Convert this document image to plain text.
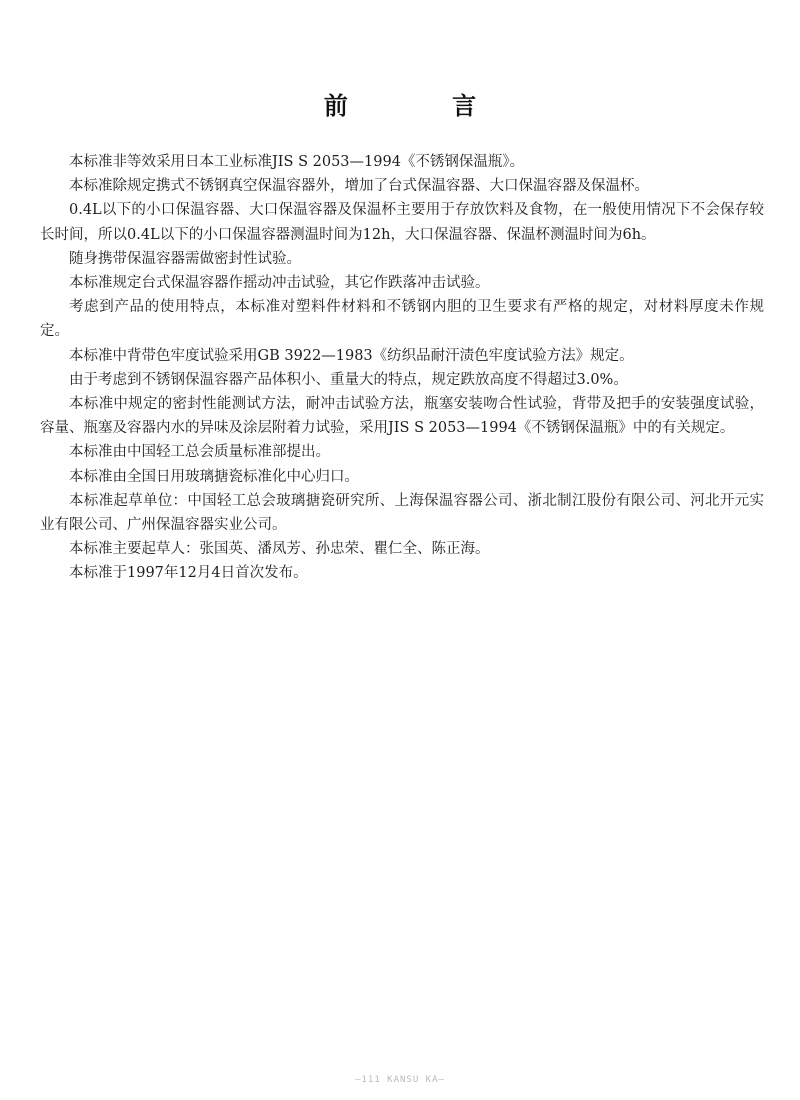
前 言

本标准非等效采用日本工业标准JIS S 2053—1994《不锈钢保温瓶》。

本标准除规定携式不锈钢真空保温容器外，增加了台式保温容器、大口保温容器及保温杯。

0.4L以下的小口保温容器、大口保温容器及保温杯主要用于存放饮料及食物，在一般使用情况下不会保存较长时间，所以0.4L以下的小口保温容器测温时间为12h，大口保温容器、保温杯测温时间为6h。

随身携带保温容器需做密封性试验。

本标准规定台式保温容器作摇动冲击试验，其它作跌落冲击试验。

考虑到产品的使用特点，本标准对塑料件材料和不锈钢内胆的卫生要求有严格的规定，对材料厚度未作规定。

本标准中背带色牢度试验采用GB 3922—1983《纺织品耐汗渍色牢度试验方法》规定。

由于考虑到不锈钢保温容器产品体积小、重量大的特点，规定跌放高度不得超过3.0%。

本标准中规定的密封性能测试方法，耐冲击试验方法，瓶塞安装吻合性试验，背带及把手的安装强度试验，容量、瓶塞及容器内水的异味及涂层附着力试验，采用JIS S 2053—1994《不锈钢保温瓶》中的有关规定。

本标准由中国轻工总会质量标准部提出。

本标准由全国日用玻璃搪瓷标准化中心归口。

本标准起草单位：中国轻工总会玻璃搪瓷研究所、上海保温容器公司、浙北制江股份有限公司、河北开元实业有限公司、广州保温容器实业公司。

本标准主要起草人：张国英、潘凤芳、孙忠荣、瞿仁全、陈正海。

本标准于1997年12月4日首次发布。

—111 KANSU KA—
